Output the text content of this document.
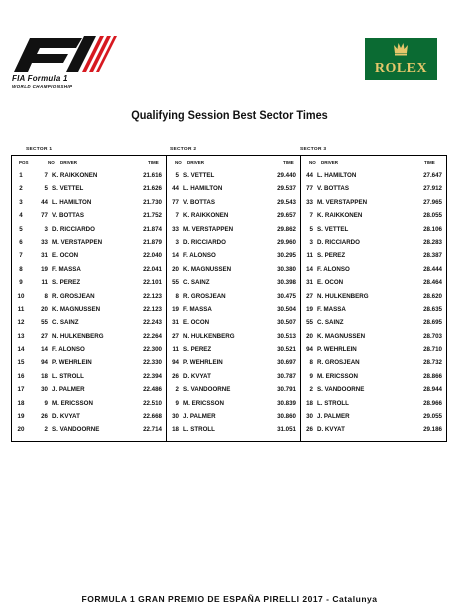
FIA Formula 1
WORLD CHAMPIONSHIP
ROLEX
Qualifying Session Best Sector Times
SECTOR 1	SECTOR 2	SECTOR 3
POS	NO DRIVER	TIME
1	7 K. RAIKKONEN	21.616
2	5 S. VETTEL	21.626
3	44 L. HAMILTON	21.730
4	77 V. BOTTAS	21.752
5	3 D. RICCIARDO	21.874
6	33 M. VERSTAPPEN	21.879
7	31 E. OCON	22.040
8	19 F. MASSA	22.041
9	11 S. PEREZ	22.101
10	8 R. GROSJEAN	22.123
11	20 K. MAGNUSSEN	22.123
12	55 C. SAINZ	22.243
13	27 N. HULKENBERG	22.264
14	14 F. ALONSO	22.300
15	94 P. WEHRLEIN	22.330
16	18 L. STROLL	22.394
17	30 J. PALMER	22.486
18	9 M. ERICSSON	22.510
19	26 D. KVYAT	22.668
20	2 S. VANDOORNE	22.714
NO DRIVER	TIME
5 S. VETTEL	29.440
44 L. HAMILTON	29.537
77 V. BOTTAS	29.543
7 K. RAIKKONEN	29.657
33 M. VERSTAPPEN	29.862
3 D. RICCIARDO	29.960
14 F. ALONSO	30.295
20 K. MAGNUSSEN	30.380
55 C. SAINZ	30.398
8 R. GROSJEAN	30.475
19 F. MASSA	30.504
31 E. OCON	30.507
27 N. HULKENBERG	30.513
11 S. PEREZ	30.521
94 P. WEHRLEIN	30.697
26 D. KVYAT	30.787
2 S. VANDOORNE	30.791
9 M. ERICSSON	30.839
30 J. PALMER	30.860
18 L. STROLL	31.051
NO DRIVER	TIME
44 L. HAMILTON	27.647
77 V. BOTTAS	27.912
33 M. VERSTAPPEN	27.965
7 K. RAIKKONEN	28.055
5 S. VETTEL	28.106
3 D. RICCIARDO	28.283
11 S. PEREZ	28.387
14 F. ALONSO	28.444
31 E. OCON	28.464
27 N. HULKENBERG	28.620
19 F. MASSA	28.635
55 C. SAINZ	28.695
20 K. MAGNUSSEN	28.703
94 P. WEHRLEIN	28.710
8 R. GROSJEAN	28.732
9 M. ERICSSON	28.866
2 S. VANDOORNE	28.944
18 L. STROLL	28.966
30 J. PALMER	29.055
26 D. KVYAT	29.186
FORMULA 1 GRAN PREMIO DE ESPAÑA PIRELLI 2017 - Catalunya
